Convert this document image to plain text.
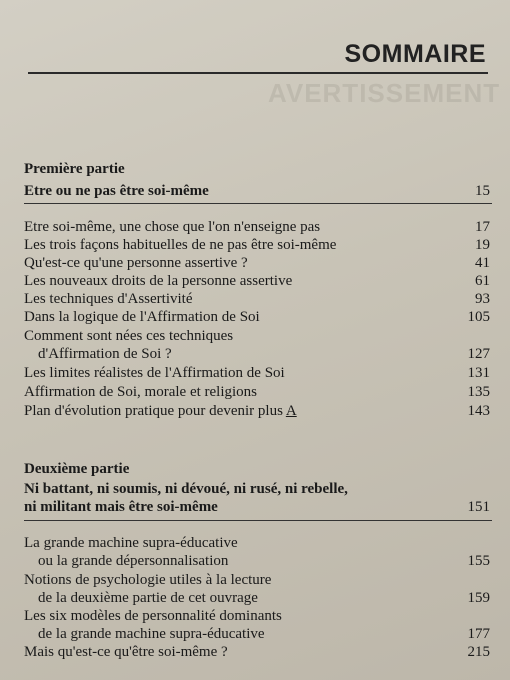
AVERTISSEMENT
SOMMAIRE
Première partie
Etre ou ne pas être soi-même	15
Etre soi-même, une chose que l'on n'enseigne pas	17
Les trois façons habituelles de ne pas être soi-même	19
Qu'est-ce qu'une personne assertive ?	41
Les nouveaux droits de la personne assertive	61
Les techniques d'Assertivité	93
Dans la logique de l'Affirmation de Soi	105
Comment sont nées ces techniques
d'Affirmation de Soi ?	127
Les limites réalistes de l'Affirmation de Soi	131
Affirmation de Soi, morale et religions	135
Plan d'évolution pratique pour devenir plus A	143
Deuxième partie
Ni battant, ni soumis, ni dévoué, ni rusé, ni rebelle,
ni militant mais être soi-même	151
La grande machine supra-éducative
ou la grande dépersonnalisation	155
Notions de psychologie utiles à la lecture
de la deuxième partie de cet ouvrage	159
Les six modèles de personnalité dominants
de la grande machine supra-éducative	177
Mais qu'est-ce qu'être soi-même ?	215
